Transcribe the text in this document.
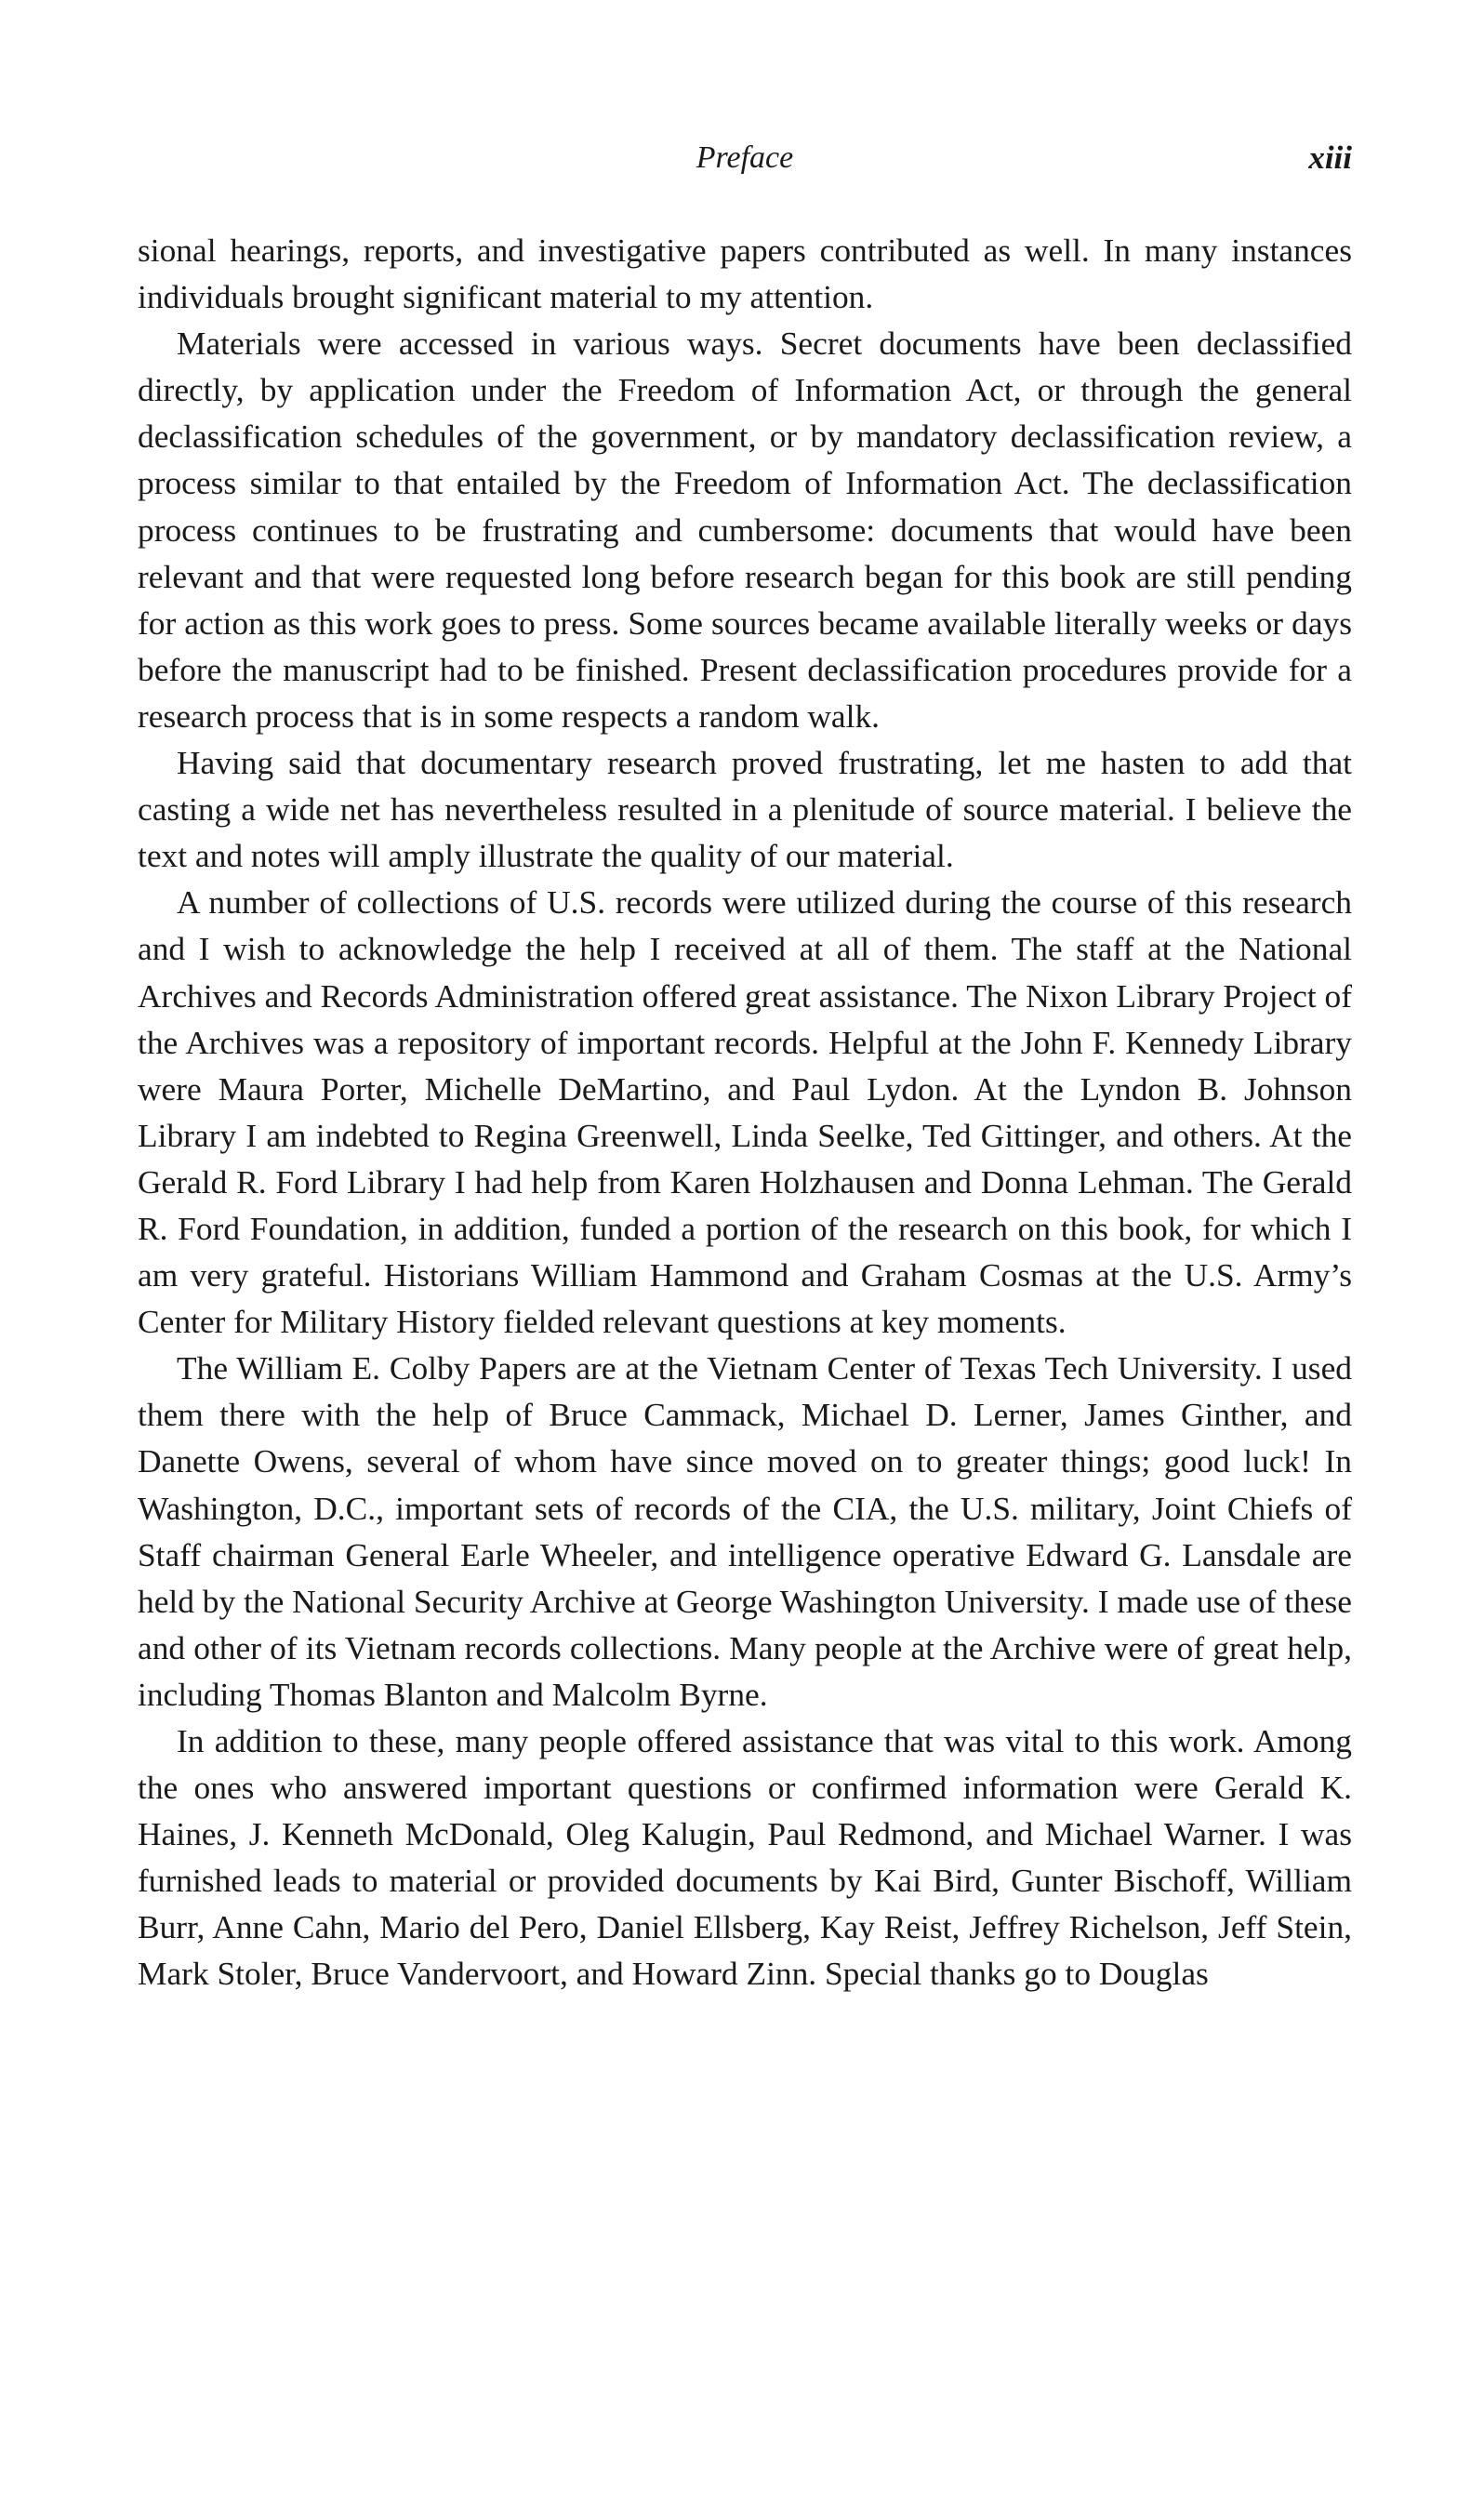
Preface	xiii

sional hearings, reports, and investigative papers contributed as well. In many instances individuals brought significant material to my attention.

Materials were accessed in various ways. Secret documents have been declassified directly, by application under the Freedom of Information Act, or through the general declassification schedules of the government, or by mandatory declassification review, a process similar to that entailed by the Freedom of Information Act. The declassification process continues to be frustrating and cumbersome: documents that would have been relevant and that were requested long before research began for this book are still pending for action as this work goes to press. Some sources became available literally weeks or days before the manuscript had to be finished. Present declassification procedures provide for a research process that is in some respects a random walk.

Having said that documentary research proved frustrating, let me hasten to add that casting a wide net has nevertheless resulted in a plenitude of source material. I believe the text and notes will amply illustrate the quality of our material.

A number of collections of U.S. records were utilized during the course of this research and I wish to acknowledge the help I received at all of them. The staff at the National Archives and Records Administration offered great assistance. The Nixon Library Project of the Archives was a repository of important records. Helpful at the John F. Kennedy Library were Maura Porter, Michelle DeMartino, and Paul Lydon. At the Lyndon B. Johnson Library I am indebted to Regina Greenwell, Linda Seelke, Ted Gittinger, and others. At the Gerald R. Ford Library I had help from Karen Holzhausen and Donna Lehman. The Gerald R. Ford Foundation, in addition, funded a portion of the research on this book, for which I am very grateful. Historians William Hammond and Graham Cosmas at the U.S. Army’s Center for Military History fielded relevant questions at key moments.

The William E. Colby Papers are at the Vietnam Center of Texas Tech University. I used them there with the help of Bruce Cammack, Michael D. Lerner, James Ginther, and Danette Owens, several of whom have since moved on to greater things; good luck! In Washington, D.C., important sets of records of the CIA, the U.S. military, Joint Chiefs of Staff chairman General Earle Wheeler, and intelligence operative Edward G. Lansdale are held by the National Security Archive at George Washington University. I made use of these and other of its Vietnam records collections. Many people at the Archive were of great help, including Thomas Blanton and Malcolm Byrne.

In addition to these, many people offered assistance that was vital to this work. Among the ones who answered important questions or confirmed information were Gerald K. Haines, J. Kenneth McDonald, Oleg Kalugin, Paul Redmond, and Michael Warner. I was furnished leads to material or provided documents by Kai Bird, Gunter Bischoff, William Burr, Anne Cahn, Mario del Pero, Daniel Ellsberg, Kay Reist, Jeffrey Richelson, Jeff Stein, Mark Stoler, Bruce Vandervoort, and Howard Zinn. Special thanks go to Douglas
